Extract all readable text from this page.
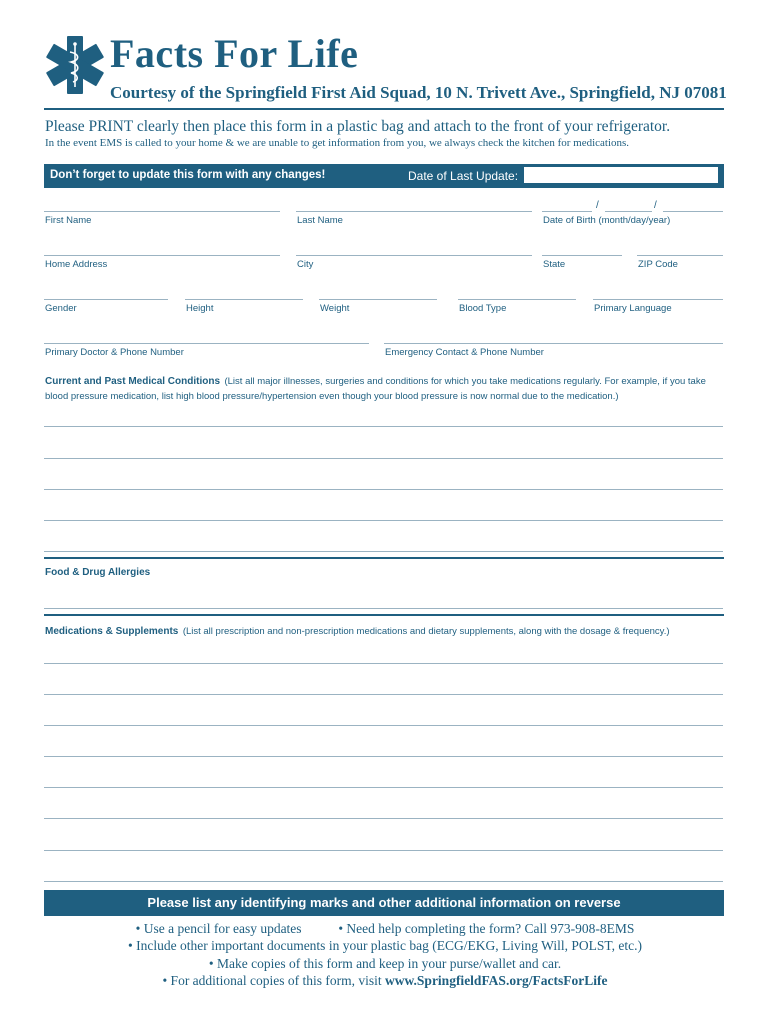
Facts For Life
Courtesy of the Springfield First Aid Squad, 10 N. Trivett Ave., Springfield, NJ 07081
Please PRINT clearly then place this form in a plastic bag and attach to the front of your refrigerator.
In the event EMS is called to your home & we are unable to get information from you, we always check the kitchen for medications.
Don’t forget to update this form with any changes!	Date of Last Update:
/	/
First Name	Last Name	Date of Birth (month/day/year)
Home Address	City	State	ZIP Code
Gender	Height	Weight	Blood Type	Primary Language
Primary Doctor & Phone Number	Emergency Contact & Phone Number
Current and Past Medical Conditions (List all major illnesses, surgeries and conditions for which you take medications regularly. For example, if you take blood pressure medication, list high blood pressure/hypertension even though your blood pressure is now normal due to the medication.)
Food & Drug Allergies
Medications & Supplements (List all prescription and non-prescription medications and dietary supplements, along with the dosage & frequency.)
Please list any identifying marks and other additional information on reverse
• Use a pencil for easy updates	• Need help completing the form? Call 973-908-8EMS
• Include other important documents in your plastic bag (ECG/EKG, Living Will, POLST, etc.)
• Make copies of this form and keep in your purse/wallet and car.
• For additional copies of this form, visit www.SpringfieldFAS.org/FactsForLife
